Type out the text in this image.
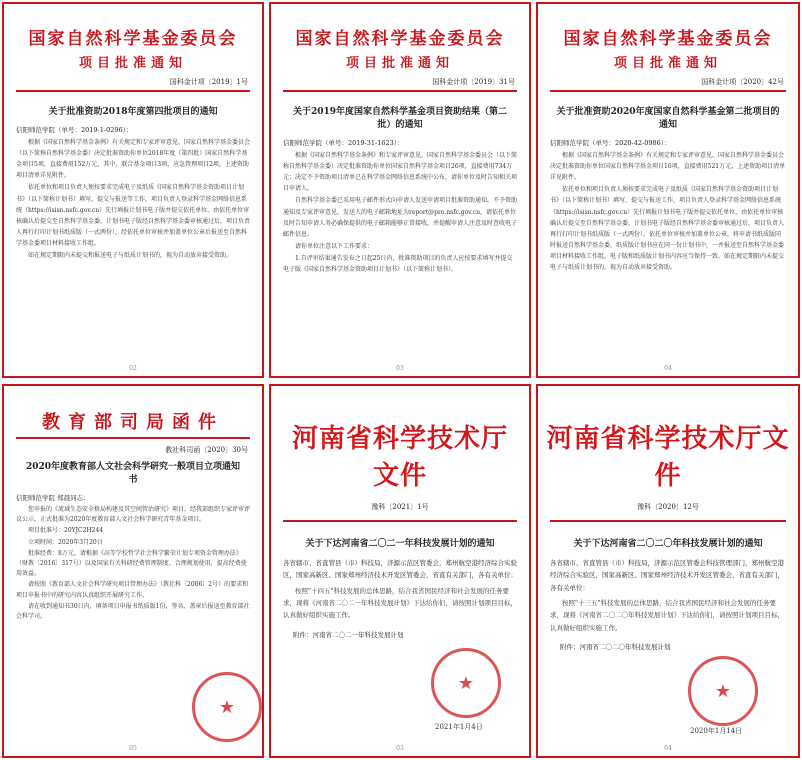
国家自然科学基金委员会
项目批准通知
国科金计项〔2019〕1号
关于批准资助2018年度第四批项目的通知
信阳师范学院（单号：2019-1-0296）：

根据《国家自然科学基金条例》有关规定和专家评审意见，国家自然科学基金委员会（以下简称自然科学基金委）决定批准资助你单位2018年度（第四批）国家自然科学基金项目5项，直接费用152万元，其中，联合基金项目3项，应急管理项目2项，上述资助项目清单详见附件。

依托单位和项目负责人须按要求完成电子及纸质《国家自然科学基金资助项目计划书》（以下简称计划书）填写、提交与报送等工作，项目负责人登录科学基金网络信息系统（https://isisn.nsfc.gov.cn）先行填报计划书电子版并提交依托单位，由依托单位审核确认后提交至自然科学基金委，计划书电子版经自然科学基金委审核通过后，项目负责人再行打印计划书纸质版（一式两份），经依托单位审核并加盖单位公章后报送至自然科学基金委项目材料接收工作组。

如在规定期限内未提交和报送电子与纸质计划书的，视为自动放弃接受资助。

02
国家自然科学基金委员会
项目批准通知
国科金计项〔2019〕31号
关于2019年度国家自然科学基金项目资助结果（第二批）的通知
信阳师范学院（单号：2019-31-1623）：

根据《国家自然科学基金条例》和专家评审意见，国家自然科学基金委员会（以下简称自然科学基金委）决定批准资助你单位国家自然科学基金项目26项，直接费用734万元；决定不予资助项目清单已在科学基金网络信息系统中公布，请你单位及时告知相关项目申请人。

自然科学基金委已采用电子邮件形式向申请人发送申请项目批准资助通知，不予资助通知及专家评审意见，发送人的电子邮箱地址为report@pro.nsfc.gov.cn，请依托单位及时告知申请人务必确保提供的电子邮箱能够正常接收，并提醒申请人注意及时查收电子邮件信息。

请你单位注意以下工作要求：

1.自评审结果通告发布之日起25日内，批准资助项目的负责人应按要求填写并提交电子版《国家自然科学基金资助项目计划书》（以下简称计划书）。

03
国家自然科学基金委员会
项目批准通知
国科金计项〔2020〕42号
关于批准资助2020年度国家自然科学基金第二批项目的通知
信阳师范学院（单号：2020-42-0986）：

根据《国家自然科学基金条例》有关规定和专家评审意见，国家自然科学基金委员会决定批准资助你单位国家自然科学基金项目16项，直接费用521万元，上述资助项目清单详见附件。

依托单位和项目负责人须按要求完成电子及纸质《国家自然科学基金资助项目计划书》（以下简称计划书）填写、提交与报送工作，项目负责人登录科学基金网络信息系统（https://isisn.nsfc.gov.cn）先行填报计划书电子版并提交依托单位，由依托单位审核确认后提交至自然科学基金委，计划书电子版经自然科学基金委审核通过后，项目负责人再行打印计划书纸质版（一式两份），依托单位审核并加盖单位公章，将申请书纸质版同时报送自然科学基金委，纸质版计划书应在同一份计划书中，一并报送至自然科学基金委项目材料接收工作组，电子版和纸质版计划书内容应当保持一致。如在规定期限内未提交电子与纸质计划书的，视为自动放弃接受资助。

04
教育部司局函件
教社科司函〔2020〕30号
2020年度教育部人文社会科学研究一般项目立项通知书
信阳师范学院 郑晨同志：

您申报的《流域生态安全格局构建及其空间管治研究》项目，经我部组织专家评审评议公示，正式批准为2020年度教育部人文社会科学研究青年基金项目。

项目批准号：20YJC2H244

立项时间：2020年3月20日

批准经费：8万元，请根据《高等学校哲学社会科学繁荣计划专项资金管理办法》（财教〔2016〕317号）以及国家有关科研经费管理制度、合理规划使用，提高经费使用效益。

请按照《教育部人文社会科学研究项目管理办法》（教社科〔2006〕2号）的要求和项目申报书中的研究内容认真组织开展研究工作。

请在收到通知书30日内，填备项目申报书纸质版1份，签名、盖章后报送至教育部社会科学司。

★
05
河南省科学技术厅文件
豫科〔2021〕1号
关于下达河南省二〇二一年科技发展计划的通知
各省辖市、省直管县（市）科技局，济源示范区管委会，郑州航空港经济综合实验区，国家高新区、国家郑州经济技术开发区管委会，省直有关部门，各有关单位：

按照"十四五"科技发展的总体思路，结合我省国民经济和社会发展的任务要求，现将《河南省二〇二一年科技发展计划》下达给你们，请按照计划项目目标，认真做好组织实施工作。

附件：河南省二〇二一年科技发展计划
★
2021年1月4日
03
河南省科学技术厅文件
豫科〔2020〕12号
关于下达河南省二〇二〇年科技发展计划的通知
各省辖市、省直管县（市）科技局，济源示范区管委会科技管理部门，郑州航空港经济综合实验区，国家高新区、国家郑州经济技术开发区管委会，省直有关部门，各有关单位：

按照"十三五"科技发展的总体思路，结合我省国民经济和社会发展的任务要求，现将《河南省二〇二〇年科技发展计划》下达给你们，请按照计划项目目标，认真做好组织实施工作。

附件：河南省二〇二〇年科技发展计划
★
2020年1月14日
04
